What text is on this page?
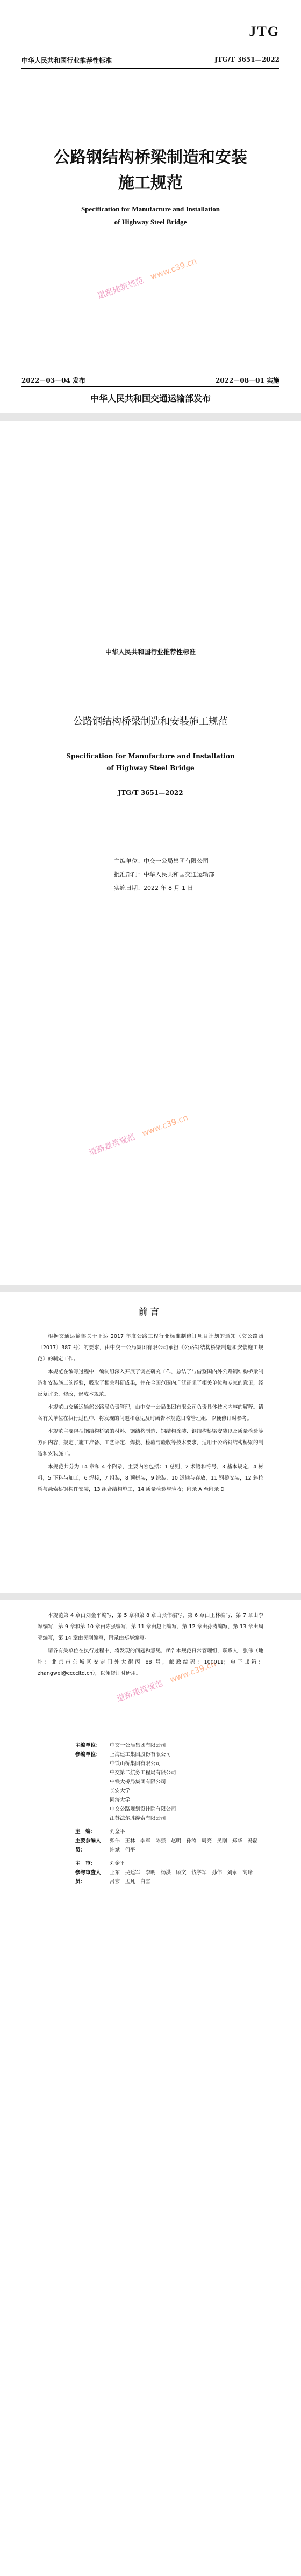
JTG
中华人民共和国行业推荐性标准	JTG/T 3651—2022
公路钢结构桥梁制造和安装
施工规范
Specification for Manufacture and Installation
of Highway Steel Bridge
道路建筑规范 www.c39.cn
2022－03－04 发布	2022－08－01 实施
中华人民共和国交通运输部发布
中华人民共和国行业推荐性标准
公路钢结构桥梁制造和安装施工规范
Specification for Manufacture and Installation
of Highway Steel Bridge
JTG/T 3651—2022
主编单位：中交一公局集团有限公司
批准部门：中华人民共和国交通运输部
实施日期：2022 年 8 月 1 日
道路建筑规范 www.c39.cn
前言

根据交通运输部关于下达 2017 年度公路工程行业标准制修订项目计划的通知（交公路函〔2017〕387 号）的要求，由中交一公局集团有限公司承担《公路钢结构桥梁制造和安装施工规范》的制定工作。

本规范在编写过程中，编制组深入开展了调查研究工作，总结了与借鉴国内外公路钢结构桥梁制造和安装施工的经验，吸取了相关科研成果，并在全国范围内广泛征求了相关单位和专家的意见，经反复讨论、修改，形成本规范。

本规范由交通运输部公路局负责管理，由中交一公局集团有限公司负责具体技术内容的解释。请各有关单位在执行过程中，将发现的问题和意见及时函告本规范日常管理组，以便修订时参考。

本规范主要包括钢结构桥梁的材料、钢结构制造、钢结构涂装、钢结构桥梁安装以及质量检验等方面内容，规定了施工准备、工艺评定、焊接、检验与验收等技术要求，适用于公路钢结构桥梁的制造和安装施工。

本规范共分为 14 章和 4 个附录，主要内容包括：1 总则，2 术语和符号，3 基本规定，4 材料，5 下料与加工，6 焊接，7 组装，8 预拼装，9 涂装，10 运输与存放，11 钢桥安装，12 斜拉桥与悬索桥钢构件安装，13 组合结构施工，14 质量检验与验收；附录 A 至附录 D。

本规范第 4 章由刘金平编写，第 5 章和第 8 章由张伟编写，第 6 章由王林编写，第 7 章由李军编写，第 9 章和第 10 章由陈强编写，第 11 章由赵明编写，第 12 章由孙涛编写，第 13 章由周亮编写，第 14 章由吴刚编写，附录由郑华编写。

请各有关单位在执行过程中，将发现的问题和意见，函告本规范日常管理组，联系人：张伟（地址：北京市东城区安定门外大街丙 88 号，邮政编码：100011；电子邮箱：zhangwei@ccccltd.cn），以便修订时研用。

道路建筑规范 www.c39.cn
主编单位：	中交一公局集团有限公司
参编单位：	上海建工集团股份有限公司
中铁山桥集团有限公司
中交第二航务工程局有限公司
中铁大桥局集团有限公司
长安大学
同济大学
中交公路规划设计院有限公司
江苏法尔胜缆索有限公司
主　编：	刘金平
主要参编人员：
张伟　王林　李军　陈强　赵明　孙涛　周亮　吴刚　郑华　冯磊　许斌　何平
主　审：	刘金平
参与审查人员：
王东　吴建军　李明　杨洪　顾文　钱学军　孙伟　刘永　高峰　吕宏　孟凡　白雪
